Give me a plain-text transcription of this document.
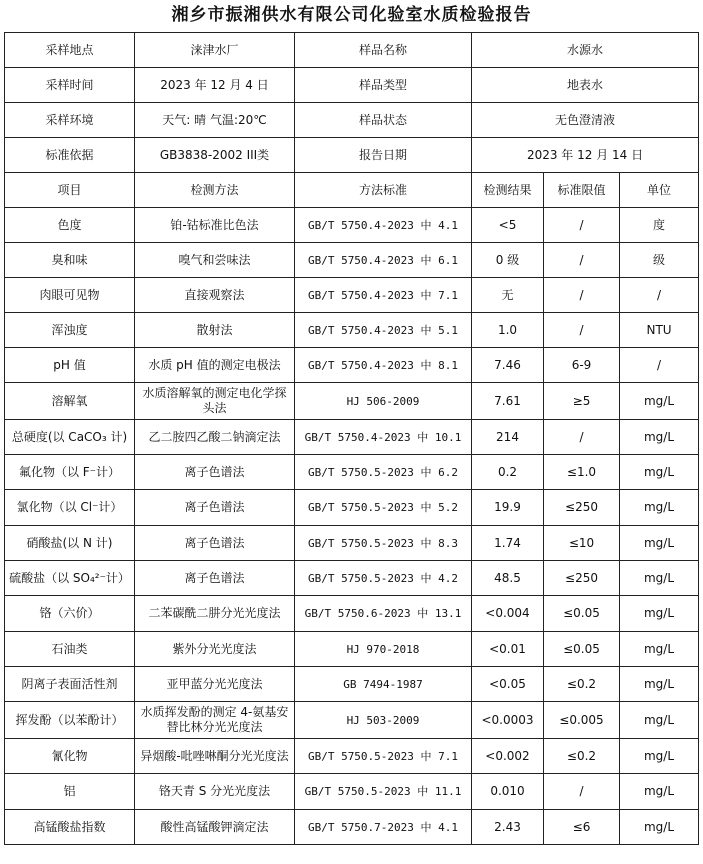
湘乡市振湘供水有限公司化验室水质检验报告
采样地点	涞津水厂	样品名称	水源水		
采样时间	2023 年 12 月 4 日	样品类型	地表水		
采样环境	天气: 晴 气温:20℃	样品状态	无色澄清液		
标准依据	GB3838-2002 III类	报告日期	2023 年 12 月 14 日		
项目	检测方法	方法标准	检测结果	标准限值	单位
色度	铂-钴标准比色法	GB/T 5750.4-2023 中 4.1	<5	/	度
臭和味	嗅气和尝味法	GB/T 5750.4-2023 中 6.1	0 级	/	级
肉眼可见物	直接观察法	GB/T 5750.4-2023 中 7.1	无	/	/
浑浊度	散射法	GB/T 5750.4-2023 中 5.1	1.0	/	NTU
pH 值	水质 pH 值的测定电极法	GB/T 5750.4-2023 中 8.1	7.46	6-9	/
溶解氧	水质溶解氧的测定电化学探头法	HJ 506-2009	7.61	≥5	mg/L
总硬度(以 CaCO₃ 计)	乙二胺四乙酸二钠滴定法	GB/T 5750.4-2023 中 10.1	214	/	mg/L
氟化物（以 F⁻计）	离子色谱法	GB/T 5750.5-2023 中 6.2	0.2	≤1.0	mg/L
氯化物（以 Cl⁻计）	离子色谱法	GB/T 5750.5-2023 中 5.2	19.9	≤250	mg/L
硝酸盐(以 N 计)	离子色谱法	GB/T 5750.5-2023 中 8.3	1.74	≤10	mg/L
硫酸盐（以 SO₄²⁻计）	离子色谱法	GB/T 5750.5-2023 中 4.2	48.5	≤250	mg/L
铬（六价）	二苯碳酰二肼分光光度法	GB/T 5750.6-2023 中 13.1	<0.004	≤0.05	mg/L
石油类	紫外分光光度法	HJ 970-2018	<0.01	≤0.05	mg/L
阴离子表面活性剂	亚甲蓝分光光度法	GB 7494-1987	<0.05	≤0.2	mg/L
挥发酚（以苯酚计）	水质挥发酚的测定 4-氨基安替比林分光光度法	HJ 503-2009	<0.0003	≤0.005	mg/L
氰化物	异烟酸-吡唑啉酮分光光度法	GB/T 5750.5-2023 中 7.1	<0.002	≤0.2	mg/L
铝	铬天青 S 分光光度法	GB/T 5750.5-2023 中 11.1	0.010	/	mg/L
高锰酸盐指数	酸性高锰酸钾滴定法	GB/T 5750.7-2023 中 4.1	2.43	≤6	mg/L
